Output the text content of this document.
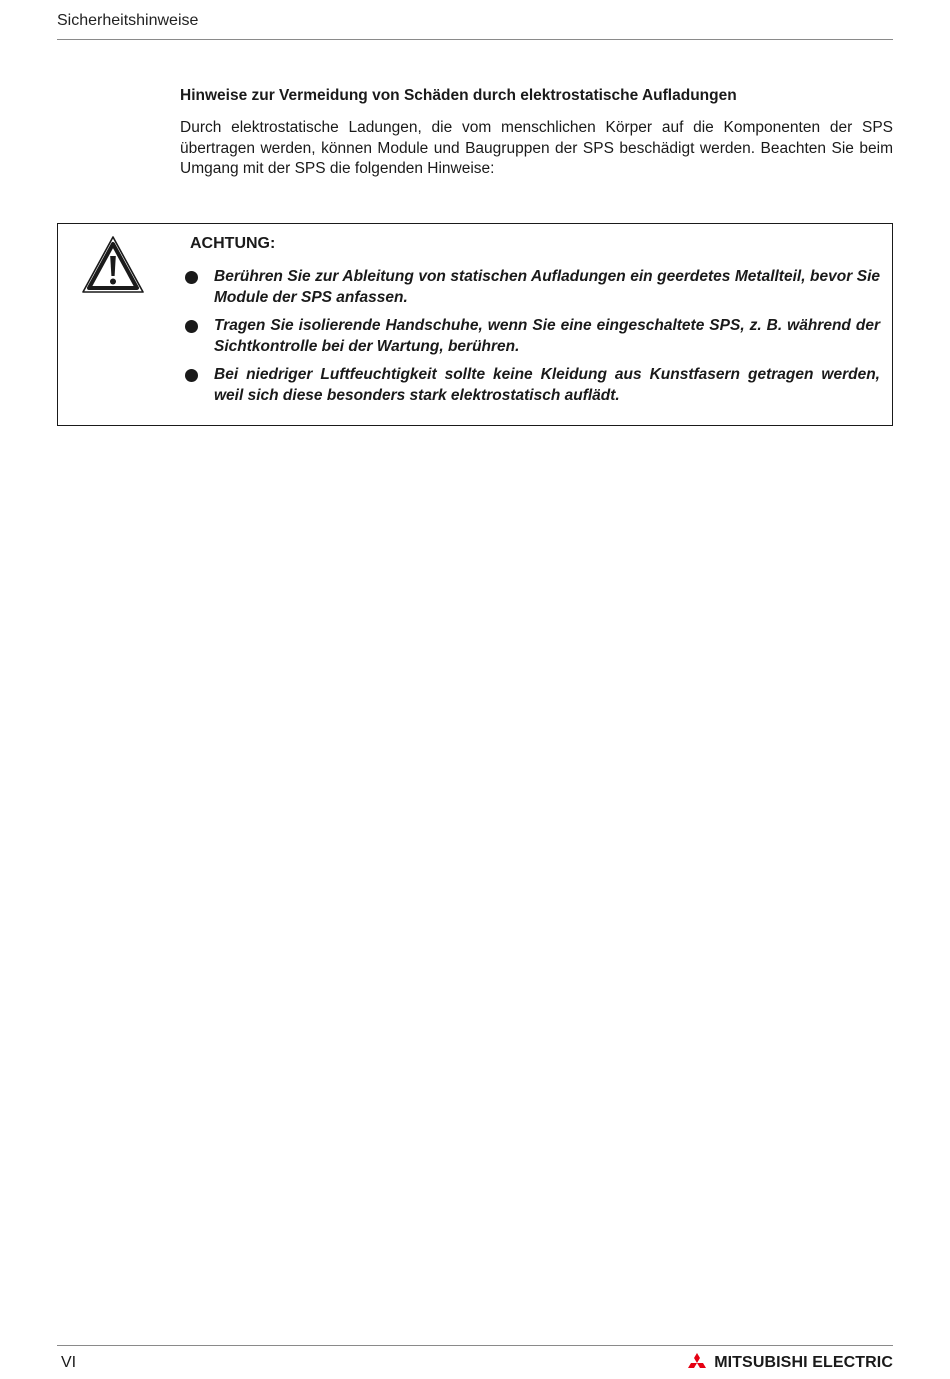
Sicherheitshinweise
Hinweise zur Vermeidung von Schäden durch elektrostatische Aufladungen
Durch elektrostatische Ladungen, die vom menschlichen Körper auf die Komponenten der SPS übertragen werden, können Module und Baugruppen der SPS beschädigt werden. Beachten Sie beim Umgang mit der SPS die folgenden Hinweise:
ACHTUNG:
Berühren Sie zur Ableitung von statischen Aufladungen ein geerdetes Metallteil, bevor Sie Module der SPS anfassen.
Tragen Sie isolierende Handschuhe, wenn Sie eine eingeschaltete SPS, z. B. während der Sichtkontrolle bei der Wartung, berühren.
Bei niedriger Luftfeuchtigkeit sollte keine Kleidung aus Kunstfasern getragen werden, weil sich diese besonders stark elektrostatisch auflädt.
VI	MITSUBISHI ELECTRIC
